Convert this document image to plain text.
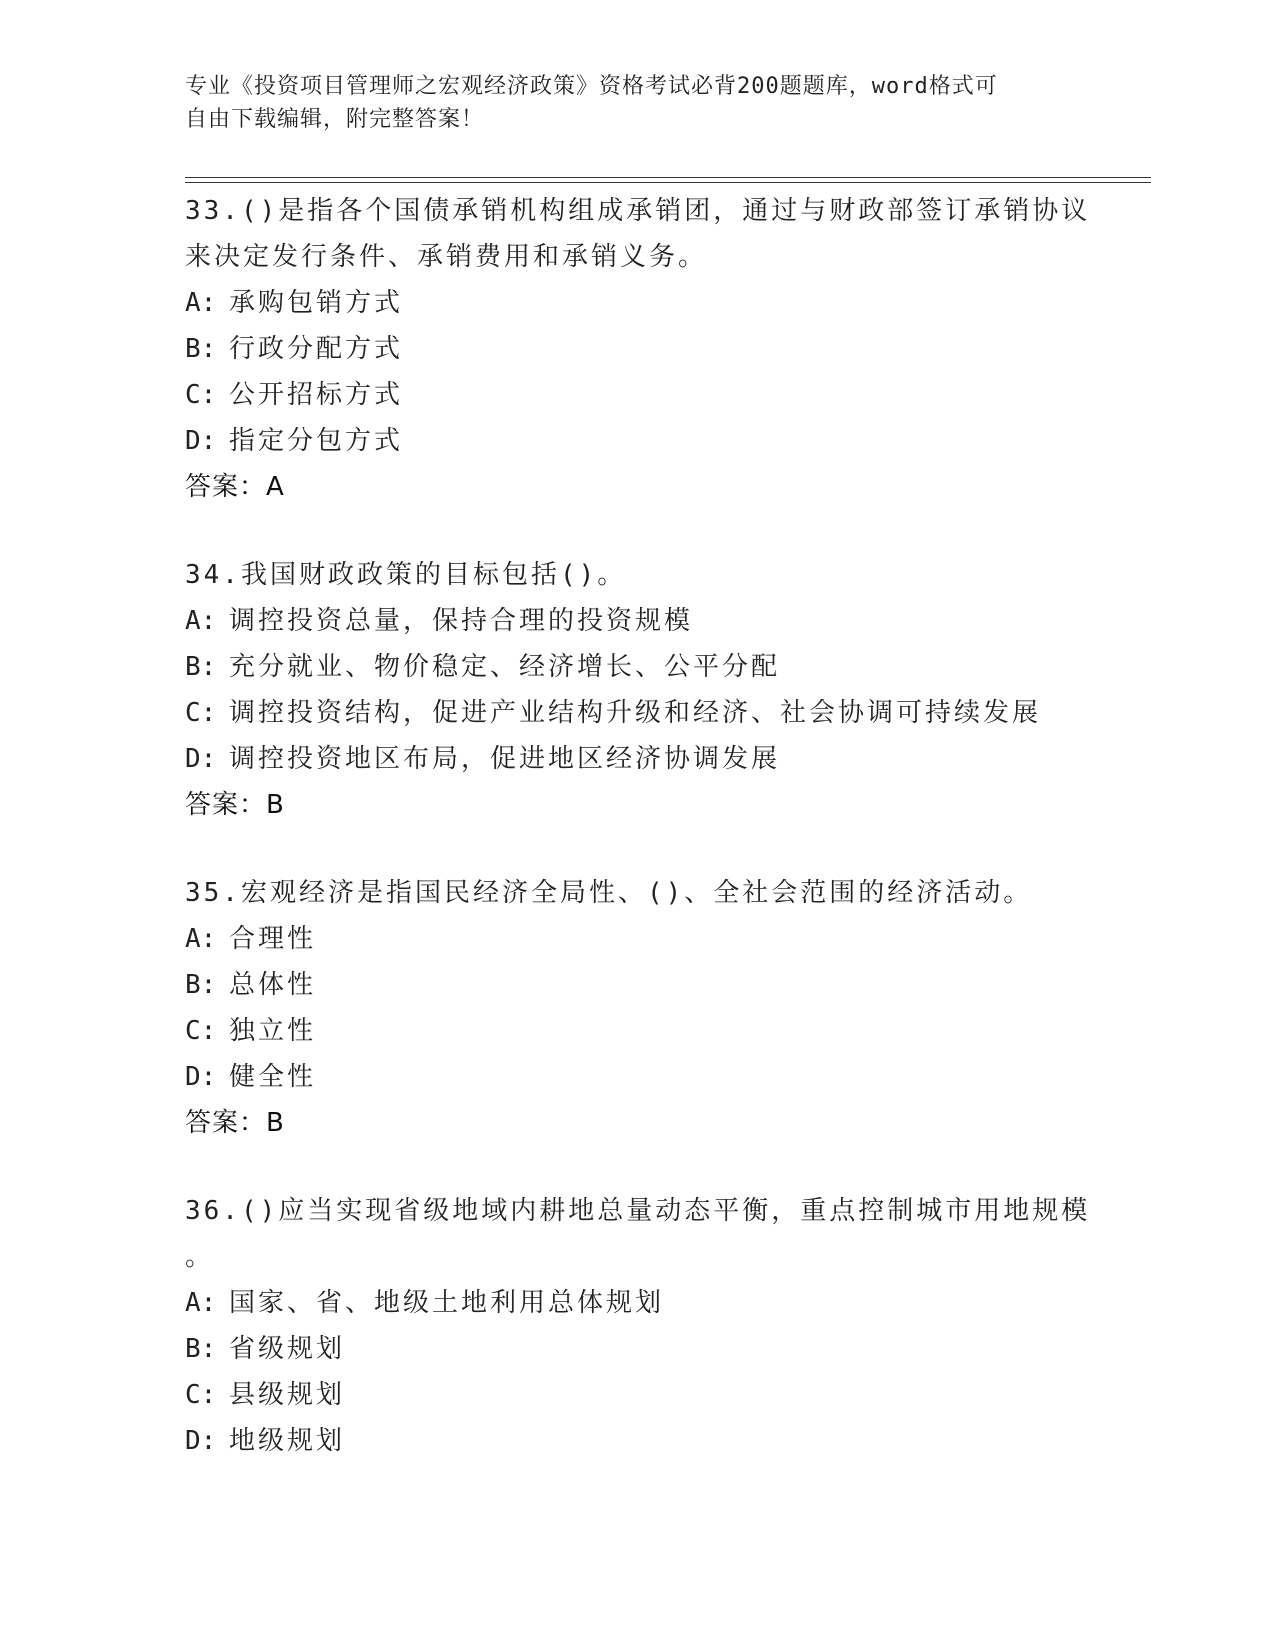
专业《投资项目管理师之宏观经济政策》资格考试必背200题题库，word格式可
自由下载编辑，附完整答案！
33.()是指各个国债承销机构组成承销团，通过与财政部签订承销协议
来决定发行条件、承销费用和承销义务。
A: 承购包销方式
B: 行政分配方式
C: 公开招标方式
D: 指定分包方式
答案：A
34.我国财政政策的目标包括()。
A: 调控投资总量，保持合理的投资规模
B: 充分就业、物价稳定、经济增长、公平分配
C: 调控投资结构，促进产业结构升级和经济、社会协调可持续发展
D: 调控投资地区布局，促进地区经济协调发展
答案：B
35.宏观经济是指国民经济全局性、()、全社会范围的经济活动。
A: 合理性
B: 总体性
C: 独立性
D: 健全性
答案：B
36.()应当实现省级地域内耕地总量动态平衡，重点控制城市用地规模
。
A: 国家、省、地级土地利用总体规划
B: 省级规划
C: 县级规划
D: 地级规划
